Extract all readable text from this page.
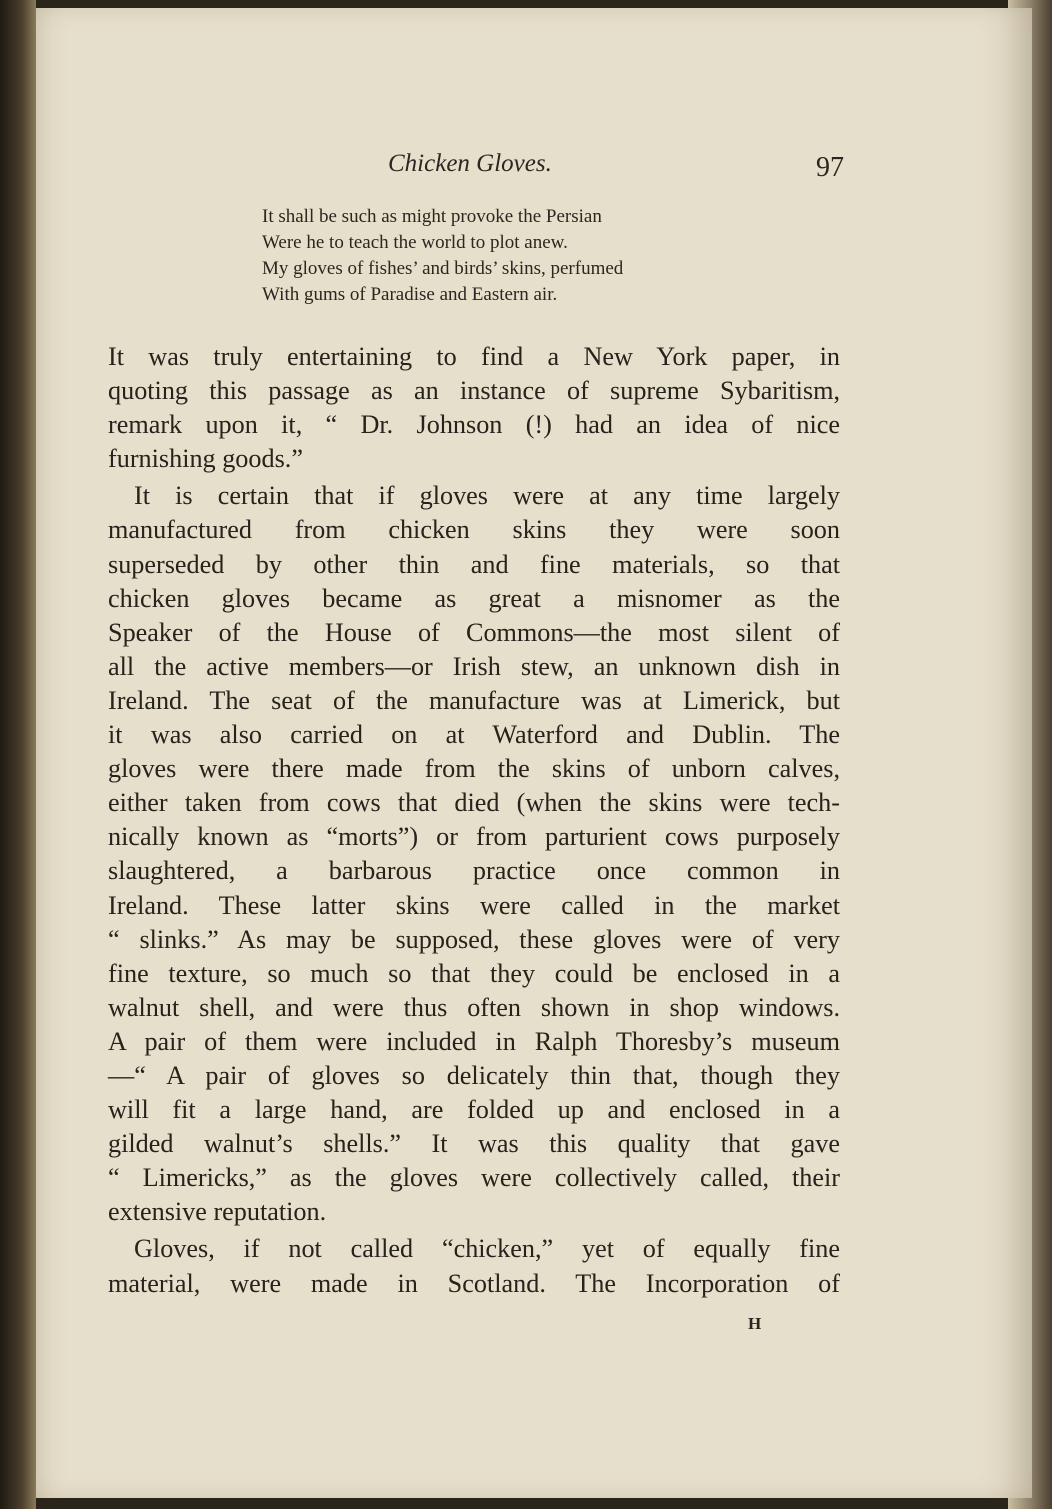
Chicken Gloves.	97
It shall be such as might provoke the Persian
Were he to teach the world to plot anew.
My gloves of fishes’ and birds’ skins, perfumed
With gums of Paradise and Eastern air.
It was truly entertaining to find a New York paper, in
quoting this passage as an instance of supreme Sybaritism,
remark upon it, “ Dr. Johnson (!) had an idea of nice
furnishing goods.”
It is certain that if gloves were at any time largely
manufactured from chicken skins they were soon
superseded by other thin and fine materials, so that
chicken gloves became as great a misnomer as the
Speaker of the House of Commons—the most silent of
all the active members—or Irish stew, an unknown dish in
Ireland. The seat of the manufacture was at Limerick, but
it was also carried on at Waterford and Dublin. The
gloves were there made from the skins of unborn calves,
either taken from cows that died (when the skins were tech-
nically known as “morts”) or from parturient cows purposely
slaughtered, a barbarous practice once common in
Ireland. These latter skins were called in the market
“ slinks.” As may be supposed, these gloves were of very
fine texture, so much so that they could be enclosed in a
walnut shell, and were thus often shown in shop windows.
A pair of them were included in Ralph Thoresby’s museum
—“ A pair of gloves so delicately thin that, though they
will fit a large hand, are folded up and enclosed in a
gilded walnut’s shells.” It was this quality that gave
“ Limericks,” as the gloves were collectively called, their
extensive reputation.
Gloves, if not called “chicken,” yet of equally fine
material, were made in Scotland. The Incorporation of
H
